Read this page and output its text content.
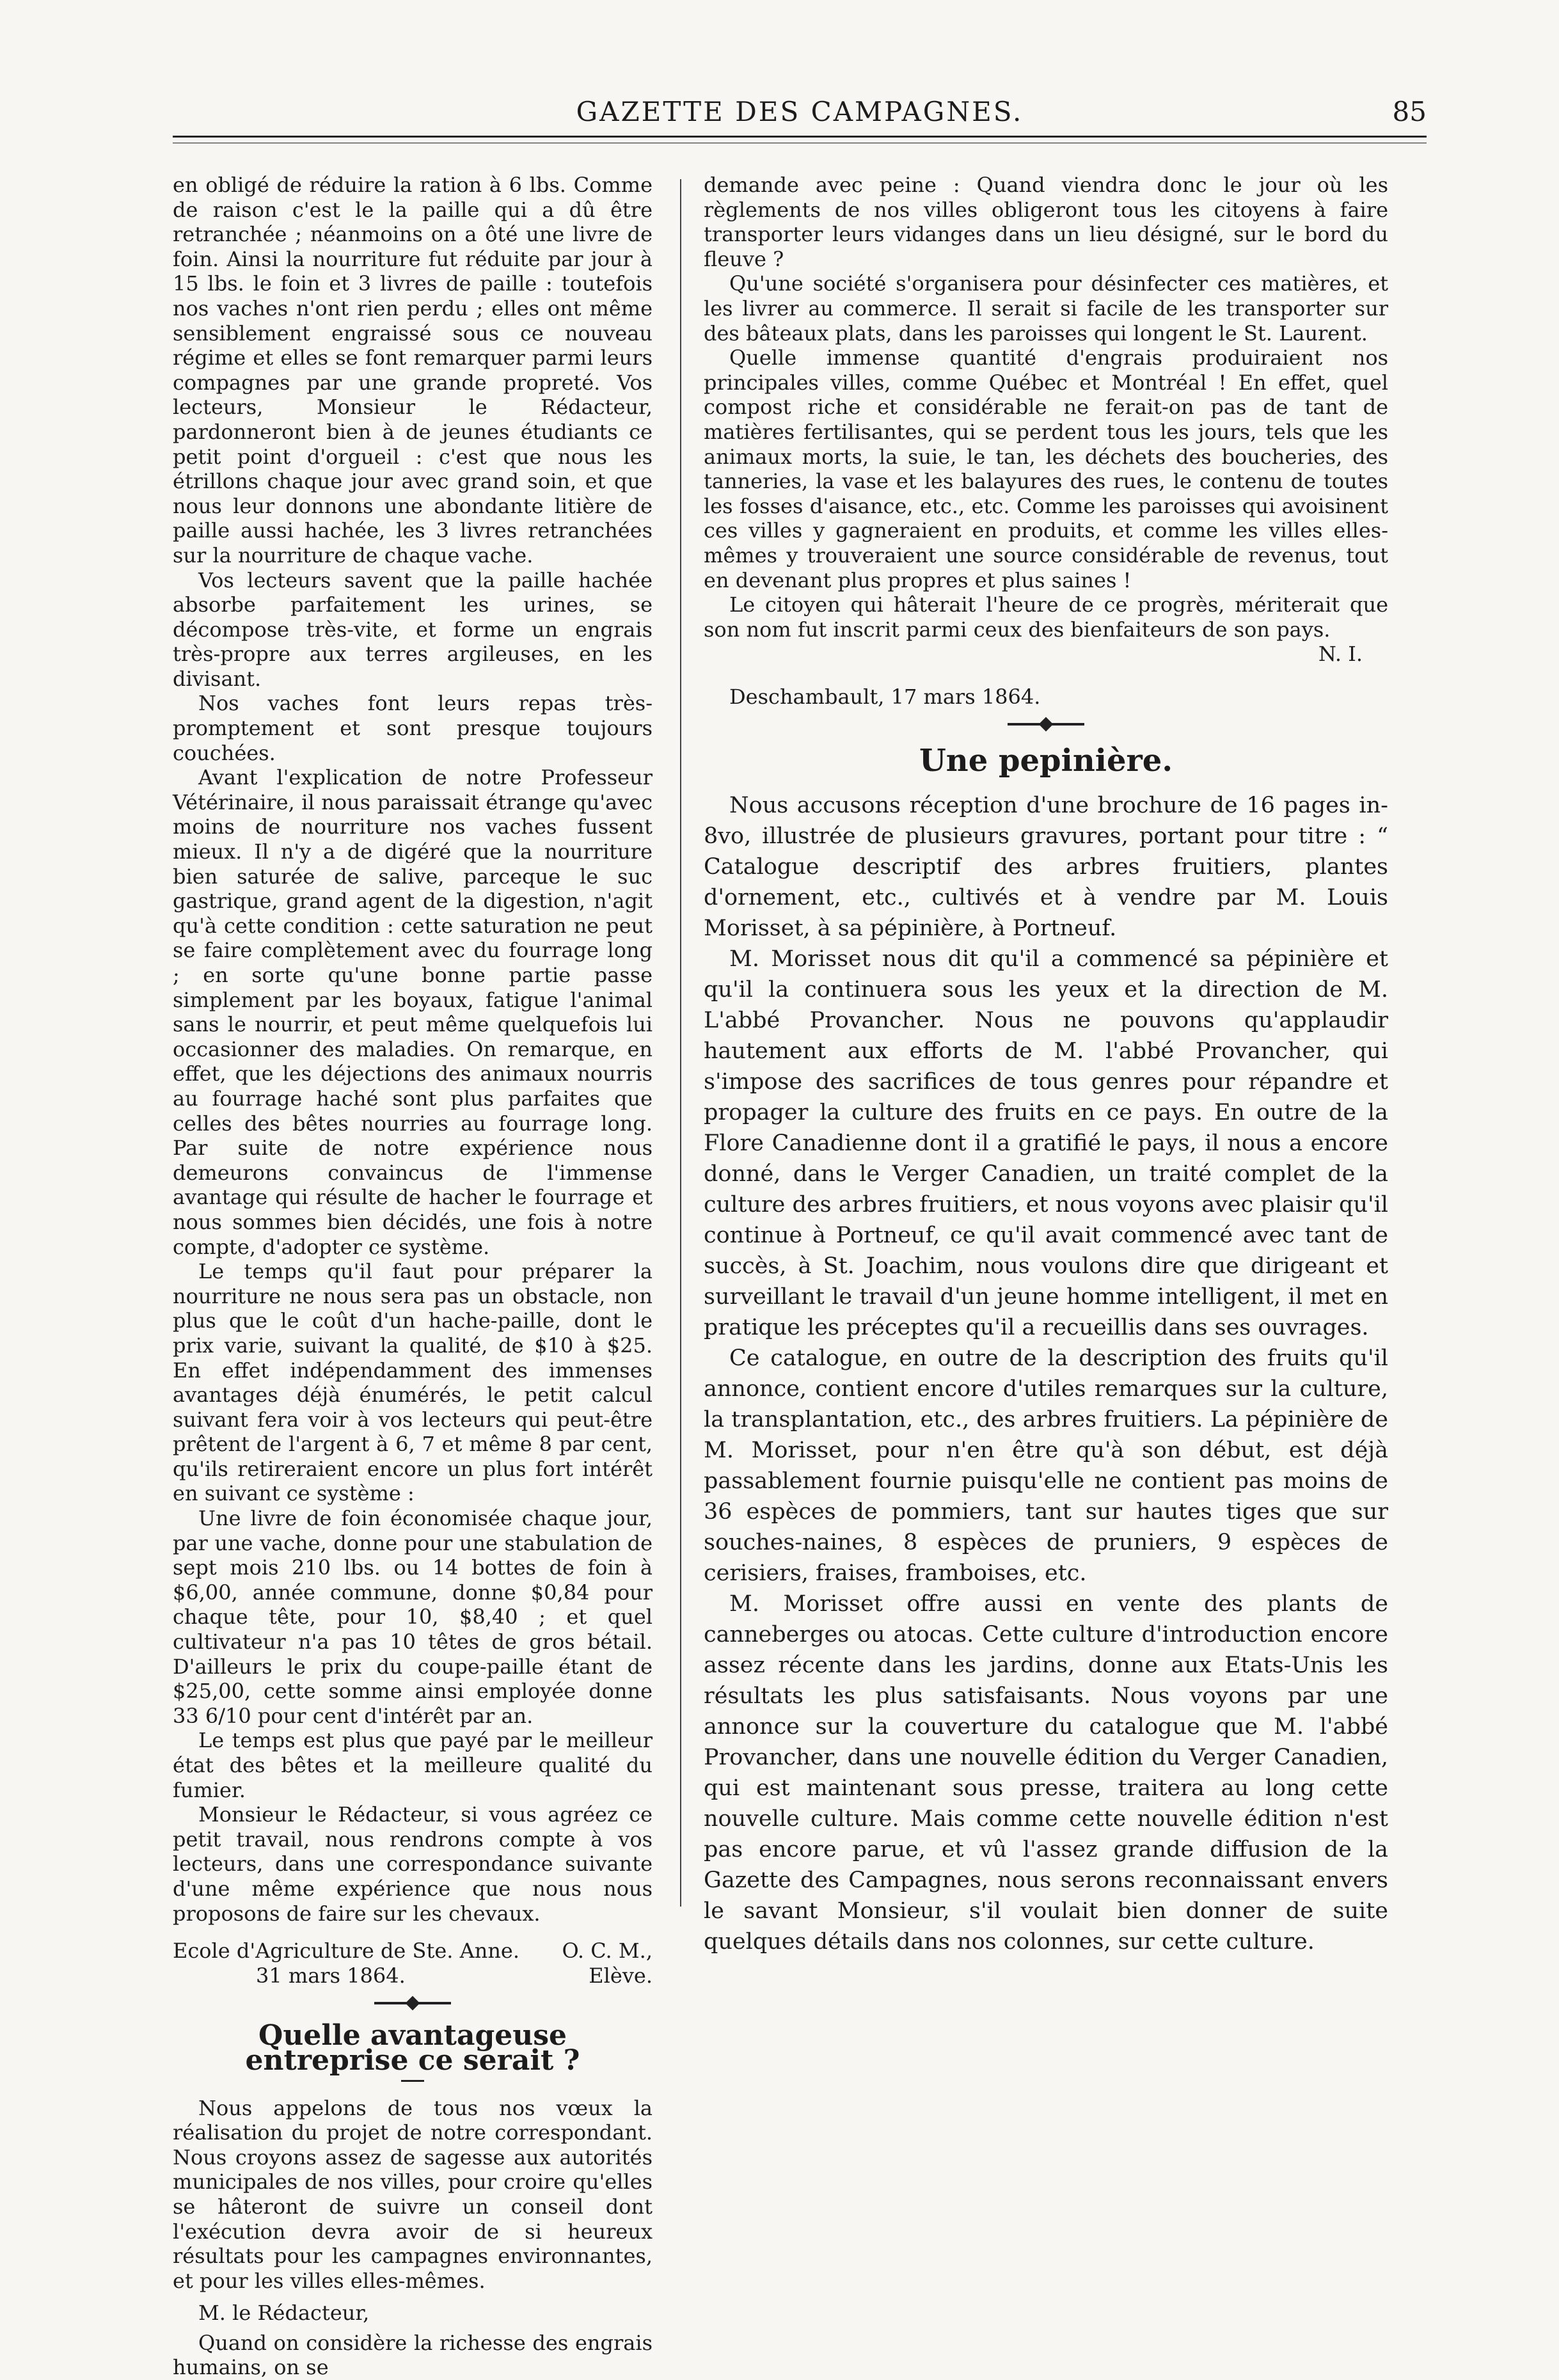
GAZETTE DES CAMPAGNES.	85

en obligé de réduire la ration à 6 lbs. Comme de raison c'est le la paille qui a dû être retranchée ; néanmoins on a ôté une livre de foin. Ainsi la nourriture fut réduite par jour à 15 lbs. le foin et 3 livres de paille : toutefois nos vaches n'ont rien perdu ; elles ont même sensiblement engraissé sous ce nouveau régime et elles se font remarquer parmi leurs compagnes par une grande propreté. Vos lecteurs, Monsieur le Rédacteur, pardonneront bien à de jeunes étudiants ce petit point d'orgueil : c'est que nous les étrillons chaque jour avec grand soin, et que nous leur donnons une abondante litière de paille aussi hachée, les 3 livres retranchées sur la nourriture de chaque vache.

Vos lecteurs savent que la paille hachée absorbe parfaitement les urines, se décompose très-vite, et forme un engrais très-propre aux terres argileuses, en les divisant.

Nos vaches font leurs repas très-promptement et sont presque toujours couchées.

Avant l'explication de notre Professeur Vétérinaire, il nous paraissait étrange qu'avec moins de nourriture nos vaches fussent mieux. Il n'y a de digéré que la nourriture bien saturée de salive, parceque le suc gastrique, grand agent de la digestion, n'agit qu'à cette condition : cette saturation ne peut se faire complètement avec du fourrage long ; en sorte qu'une bonne partie passe simplement par les boyaux, fatigue l'animal sans le nourrir, et peut même quelquefois lui occasionner des maladies. On remarque, en effet, que les déjections des animaux nourris au fourrage haché sont plus parfaites que celles des bêtes nourries au fourrage long. Par suite de notre expérience nous demeurons convaincus de l'immense avantage qui résulte de hacher le fourrage et nous sommes bien décidés, une fois à notre compte, d'adopter ce système.

Le temps qu'il faut pour préparer la nourriture ne nous sera pas un obstacle, non plus que le coût d'un hache-paille, dont le prix varie, suivant la qualité, de $10 à $25. En effet indépendamment des immenses avantages déjà énumérés, le petit calcul suivant fera voir à vos lecteurs qui peut-être prêtent de l'argent à 6, 7 et même 8 par cent, qu'ils retireraient encore un plus fort intérêt en suivant ce système :

Une livre de foin économisée chaque jour, par une vache, donne pour une stabulation de sept mois 210 lbs. ou 14 bottes de foin à $6,00, année commune, donne $0,84 pour chaque tête, pour 10, $8,40 ; et quel cultivateur n'a pas 10 têtes de gros bétail. D'ailleurs le prix du coupe-paille étant de $25,00, cette somme ainsi employée donne 33 6/10 pour cent d'intérêt par an.

Le temps est plus que payé par le meilleur état des bêtes et la meilleure qualité du fumier.

Monsieur le Rédacteur, si vous agréez ce petit travail, nous rendrons compte à vos lecteurs, dans une correspondance suivante d'une même expérience que nous nous proposons de faire sur les chevaux.

Ecole d'Agriculture de Ste. Anne. O. C. M.,
31 mars 1864.	Elève.
Quelle avantageuse entreprise ce serait ?

Nous appelons de tous nos vœux la réalisation du projet de notre correspondant. Nous croyons assez de sagesse aux autorités municipales de nos villes, pour croire qu'elles se hâteront de suivre un conseil dont l'exécution devra avoir de si heureux résultats pour les campagnes environnantes, et pour les villes elles-mêmes.

M. le Rédacteur,

Quand on considère la richesse des engrais humains, on se

demande avec peine : Quand viendra donc le jour où les règlements de nos villes obligeront tous les citoyens à faire transporter leurs vidanges dans un lieu désigné, sur le bord du fleuve ?

Qu'une société s'organisera pour désinfecter ces matières, et les livrer au commerce. Il serait si facile de les transporter sur des bâteaux plats, dans les paroisses qui longent le St. Laurent.

Quelle immense quantité d'engrais produiraient nos principales villes, comme Québec et Montréal ! En effet, quel compost riche et considérable ne ferait-on pas de tant de matières fertilisantes, qui se perdent tous les jours, tels que les animaux morts, la suie, le tan, les déchets des boucheries, des tanneries, la vase et les balayures des rues, le contenu de toutes les fosses d'aisance, etc., etc. Comme les paroisses qui avoisinent ces villes y gagneraient en produits, et comme les villes elles-mêmes y trouveraient une source considérable de revenus, tout en devenant plus propres et plus saines !

Le citoyen qui hâterait l'heure de ce progrès, mériterait que son nom fut inscrit parmi ceux des bienfaiteurs de son pays.

N. I.

Deschambault, 17 mars 1864.

Une pepinière.

Nous accusons réception d'une brochure de 16 pages in-8vo, illustrée de plusieurs gravures, portant pour titre : “ Catalogue descriptif des arbres fruitiers, plantes d'ornement, etc., cultivés et à vendre par M. Louis Morisset, à sa pépinière, à Portneuf.

M. Morisset nous dit qu'il a commencé sa pépinière et qu'il la continuera sous les yeux et la direction de M. L'abbé Provancher. Nous ne pouvons qu'applaudir hautement aux efforts de M. l'abbé Provancher, qui s'impose des sacrifices de tous genres pour répandre et propager la culture des fruits en ce pays. En outre de la Flore Canadienne dont il a gratifié le pays, il nous a encore donné, dans le Verger Canadien, un traité complet de la culture des arbres fruitiers, et nous voyons avec plaisir qu'il continue à Portneuf, ce qu'il avait commencé avec tant de succès, à St. Joachim, nous voulons dire que dirigeant et surveillant le travail d'un jeune homme intelligent, il met en pratique les préceptes qu'il a recueillis dans ses ouvrages.

Ce catalogue, en outre de la description des fruits qu'il annonce, contient encore d'utiles remarques sur la culture, la transplantation, etc., des arbres fruitiers. La pépinière de M. Morisset, pour n'en être qu'à son début, est déjà passablement fournie puisqu'elle ne contient pas moins de 36 espèces de pommiers, tant sur hautes tiges que sur souches-naines, 8 espèces de pruniers, 9 espèces de cerisiers, fraises, framboises, etc.

M. Morisset offre aussi en vente des plants de canneberges ou atocas. Cette culture d'introduction encore assez récente dans les jardins, donne aux Etats-Unis les résultats les plus satisfaisants. Nous voyons par une annonce sur la couverture du catalogue que M. l'abbé Provancher, dans une nouvelle édition du Verger Canadien, qui est maintenant sous presse, traitera au long cette nouvelle culture. Mais comme cette nouvelle édition n'est pas encore parue, et vû l'assez grande diffusion de la Gazette des Campagnes, nous serons reconnaissant envers le savant Monsieur, s'il voulait bien donner de suite quelques détails dans nos colonnes, sur cette culture.
